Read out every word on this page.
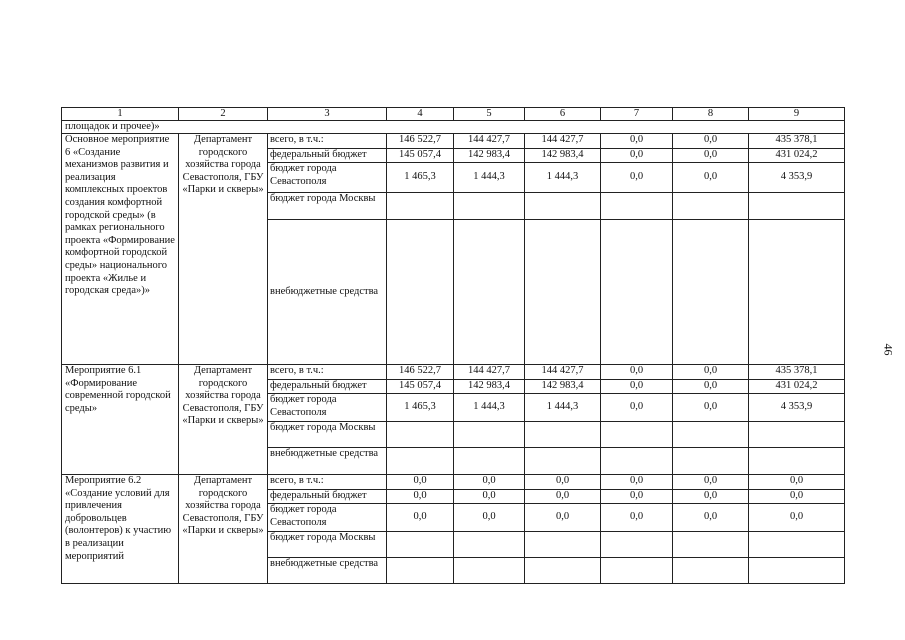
46
1	2	3	4	5	6	7	8	9
площадок и прочее)»								
Основное мероприятие 6 «Создание механизмов развития и реализация комплексных проектов создания комфортной городской среды» (в рамках регионального проекта «Формирование комфортной городской среды» национального проекта «Жилье и городская среда»)»	Департамент городского хозяйства города Севастополя, ГБУ «Парки и скверы»	всего, в т.ч.:	146 522,7	144 427,7	144 427,7	0,0	0,0	435 378,1
		федеральный бюджет	145 057,4	142 983,4	142 983,4	0,0	0,0	431 024,2
		бюджет города Севастополя	1 465,3	1 444,3	1 444,3	0,0	0,0	4 353,9
		бюджет города Москвы						
		внебюджетные средства						
Мероприятие 6.1 «Формирование современной городской среды»	Департамент городского хозяйства города Севастополя, ГБУ «Парки и скверы»	всего, в т.ч.:	146 522,7	144 427,7	144 427,7	0,0	0,0	435 378,1
		федеральный бюджет	145 057,4	142 983,4	142 983,4	0,0	0,0	431 024,2
		бюджет города Севастополя	1 465,3	1 444,3	1 444,3	0,0	0,0	4 353,9
		бюджет города Москвы						
		внебюджетные средства						
Мероприятие 6.2 «Создание условий для привлечения добровольцев (волонтеров) к участию в реализации мероприятий	Департамент городского хозяйства города Севастополя, ГБУ «Парки и скверы»	всего, в т.ч.:	0,0	0,0	0,0	0,0	0,0	0,0
		федеральный бюджет	0,0	0,0	0,0	0,0	0,0	0,0
		бюджет города Севастополя	0,0	0,0	0,0	0,0	0,0	0,0
		бюджет города Москвы						
		внебюджетные средства						
